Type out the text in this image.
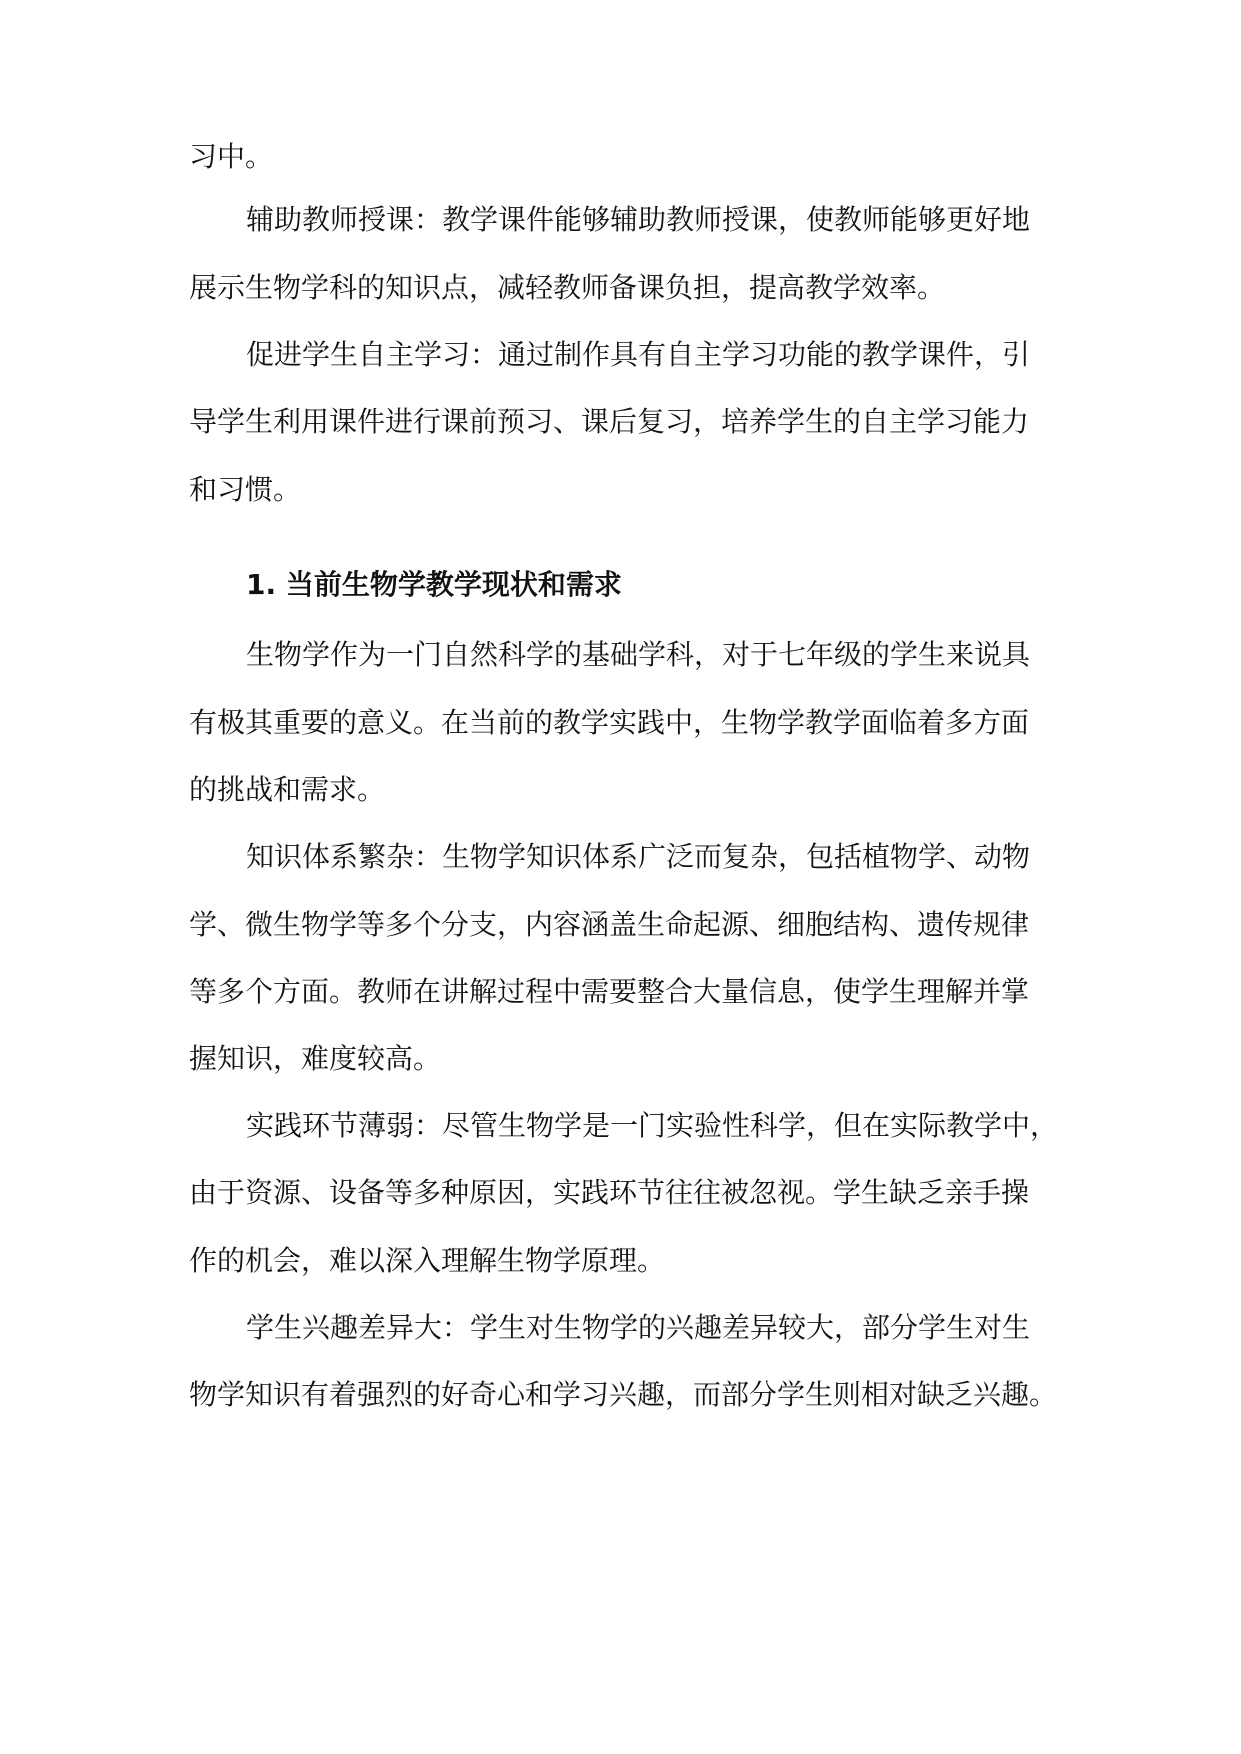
习中。
辅助教师授课：教学课件能够辅助教师授课，使教师能够更好地
展示生物学科的知识点，减轻教师备课负担，提高教学效率。
促进学生自主学习：通过制作具有自主学习功能的教学课件，引
导学生利用课件进行课前预习、课后复习，培养学生的自主学习能力
和习惯。
1. 当前生物学教学现状和需求
生物学作为一门自然科学的基础学科，对于七年级的学生来说具
有极其重要的意义。在当前的教学实践中，生物学教学面临着多方面
的挑战和需求。
知识体系繁杂：生物学知识体系广泛而复杂，包括植物学、动物
学、微生物学等多个分支，内容涵盖生命起源、细胞结构、遗传规律
等多个方面。教师在讲解过程中需要整合大量信息，使学生理解并掌
握知识，难度较高。
实践环节薄弱：尽管生物学是一门实验性科学，但在实际教学中，
由于资源、设备等多种原因，实践环节往往被忽视。学生缺乏亲手操
作的机会，难以深入理解生物学原理。
学生兴趣差异大：学生对生物学的兴趣差异较大，部分学生对生
物学知识有着强烈的好奇心和学习兴趣，而部分学生则相对缺乏兴趣。
